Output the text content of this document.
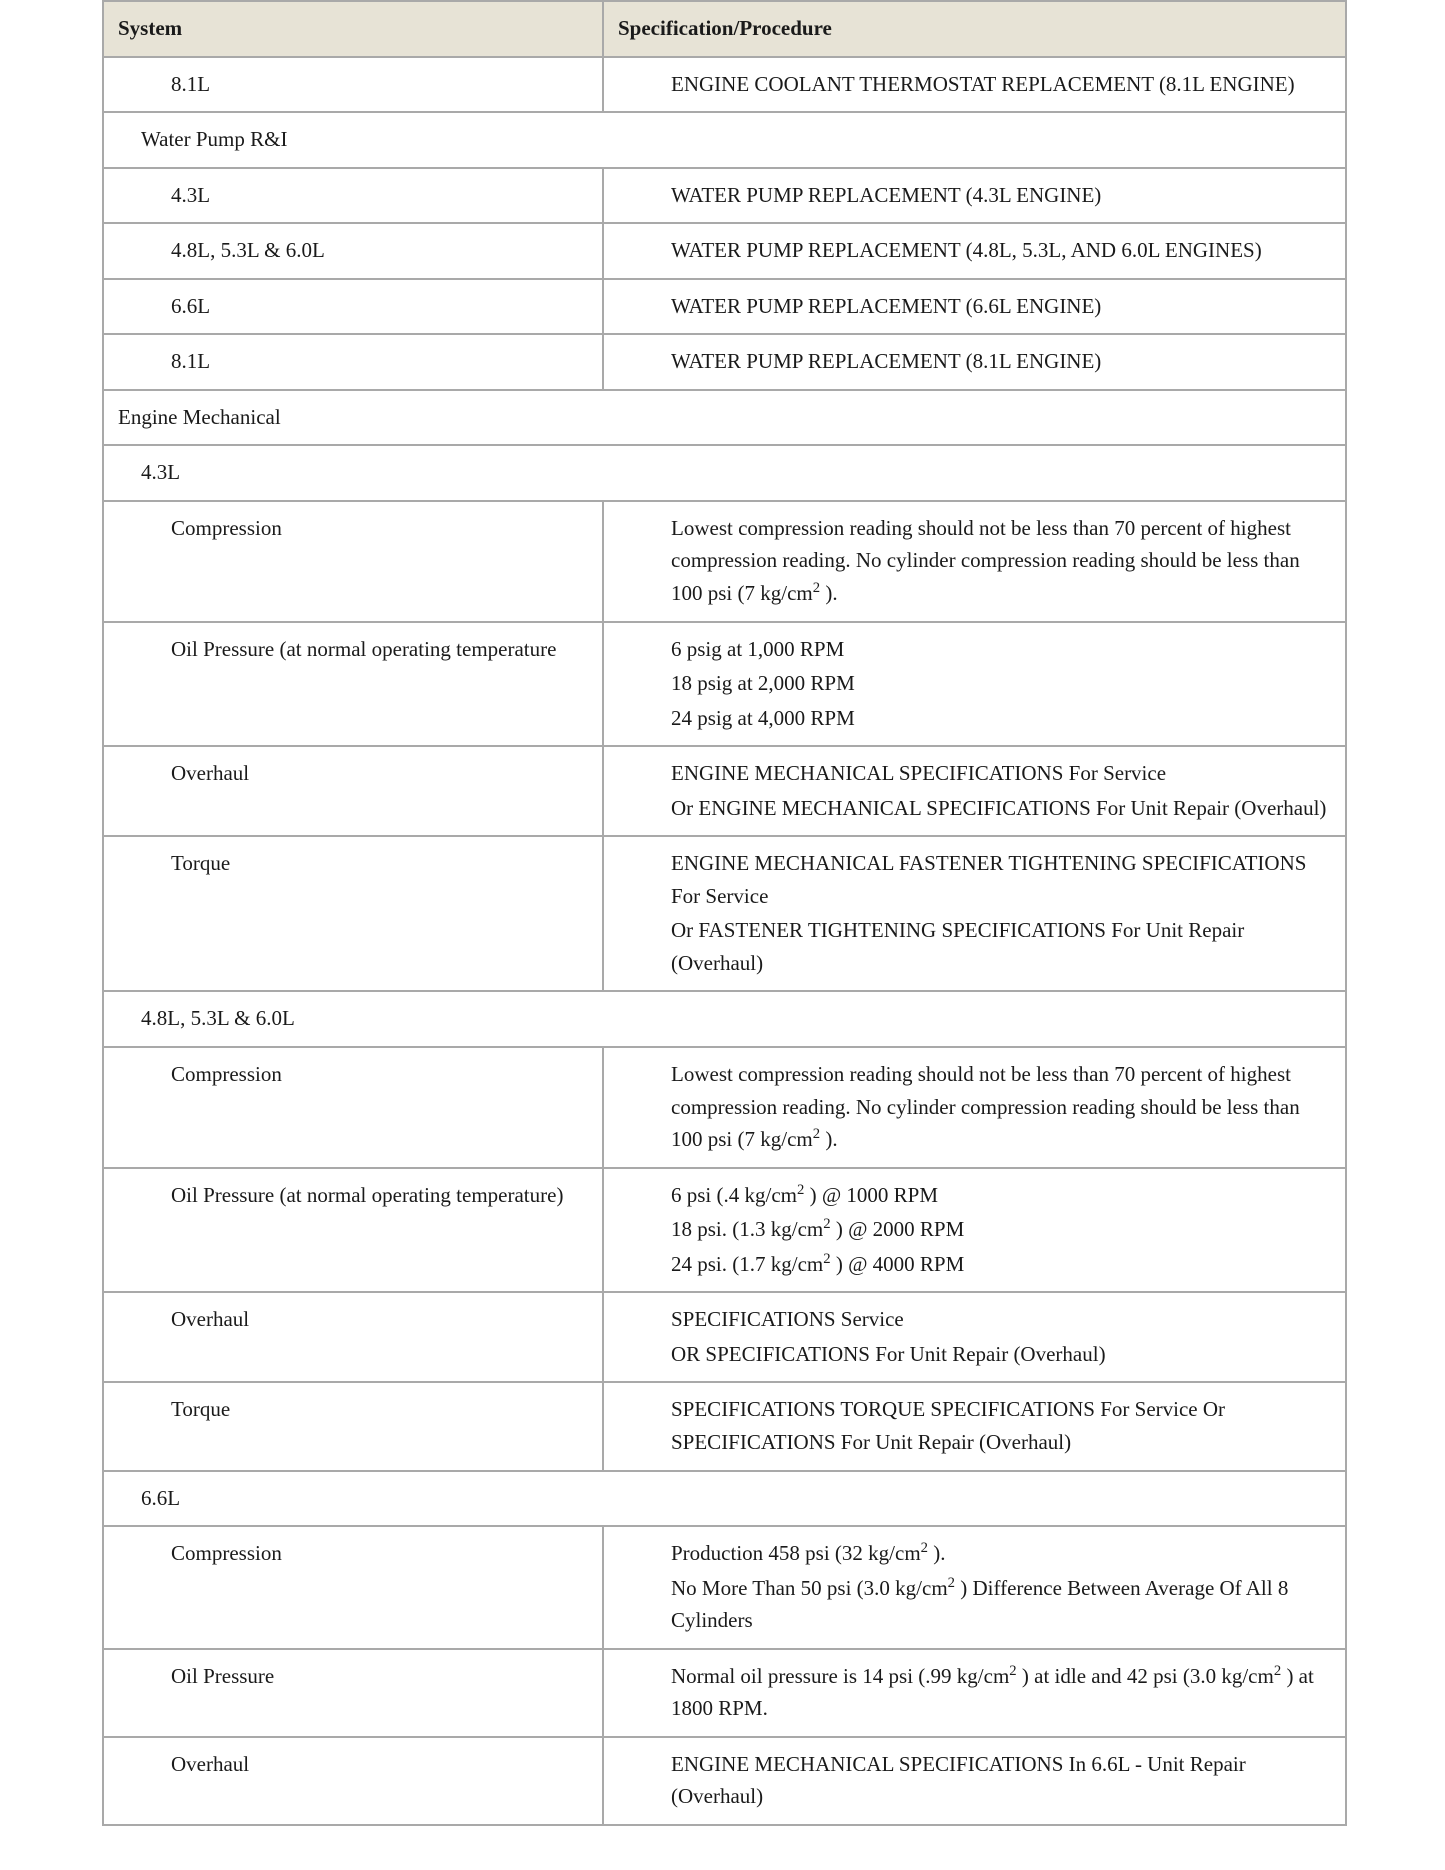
System	Specification/Procedure
8.1L	ENGINE COOLANT THERMOSTAT REPLACEMENT (8.1L ENGINE)

Water Pump R&I	
4.3L	WATER PUMP REPLACEMENT (4.3L ENGINE)

4.8L, 5.3L & 6.0L	WATER PUMP REPLACEMENT (4.8L, 5.3L, AND 6.0L ENGINES)

6.6L	WATER PUMP REPLACEMENT (6.6L ENGINE)

8.1L	WATER PUMP REPLACEMENT (8.1L ENGINE)

Engine Mechanical	
4.3L	
Compression	Lowest compression reading should not be less than 70 percent of highest compression reading. No cylinder compression reading should be less than 100 psi (7 $kg/cm^2$ ).

Oil Pressure (at normal operating temperature	6 psig at 1,000 RPM
18 psig at 2,000 RPM
24 psig at 4,000 RPM

Overhaul	ENGINE MECHANICAL SPECIFICATIONS For Service
Or ENGINE MECHANICAL SPECIFICATIONS For Unit Repair (Overhaul)

Torque	ENGINE MECHANICAL FASTENER TIGHTENING SPECIFICATIONS For Service
Or FASTENER TIGHTENING SPECIFICATIONS For Unit Repair (Overhaul)

4.8L, 5.3L & 6.0L	
Compression	Lowest compression reading should not be less than 70 percent of highest compression reading. No cylinder compression reading should be less than 100 psi (7 $kg/cm^2$ ).

Oil Pressure (at normal operating temperature)	6 psi (.4 $kg/cm^2$ ) @ 1000 RPM
18 psi. (1.3 $kg/cm^2$ ) @ 2000 RPM
24 psi. (1.7 $kg/cm^2$ ) @ 4000 RPM

Overhaul	SPECIFICATIONS Service
OR SPECIFICATIONS For Unit Repair (Overhaul)

Torque	SPECIFICATIONS TORQUE SPECIFICATIONS For Service Or SPECIFICATIONS For Unit Repair (Overhaul)

6.6L	
Compression	Production 458 psi (32 $kg/cm^2$ ).
No More Than 50 psi (3.0 $kg/cm^2$ ) Difference Between Average Of All 8 Cylinders

Oil Pressure	Normal oil pressure is 14 psi (.99 $kg/cm^2$ ) at idle and 42 psi (3.0 $kg/cm^2$ ) at 1800 RPM.

Overhaul	ENGINE MECHANICAL SPECIFICATIONS In 6.6L - Unit Repair (Overhaul)
